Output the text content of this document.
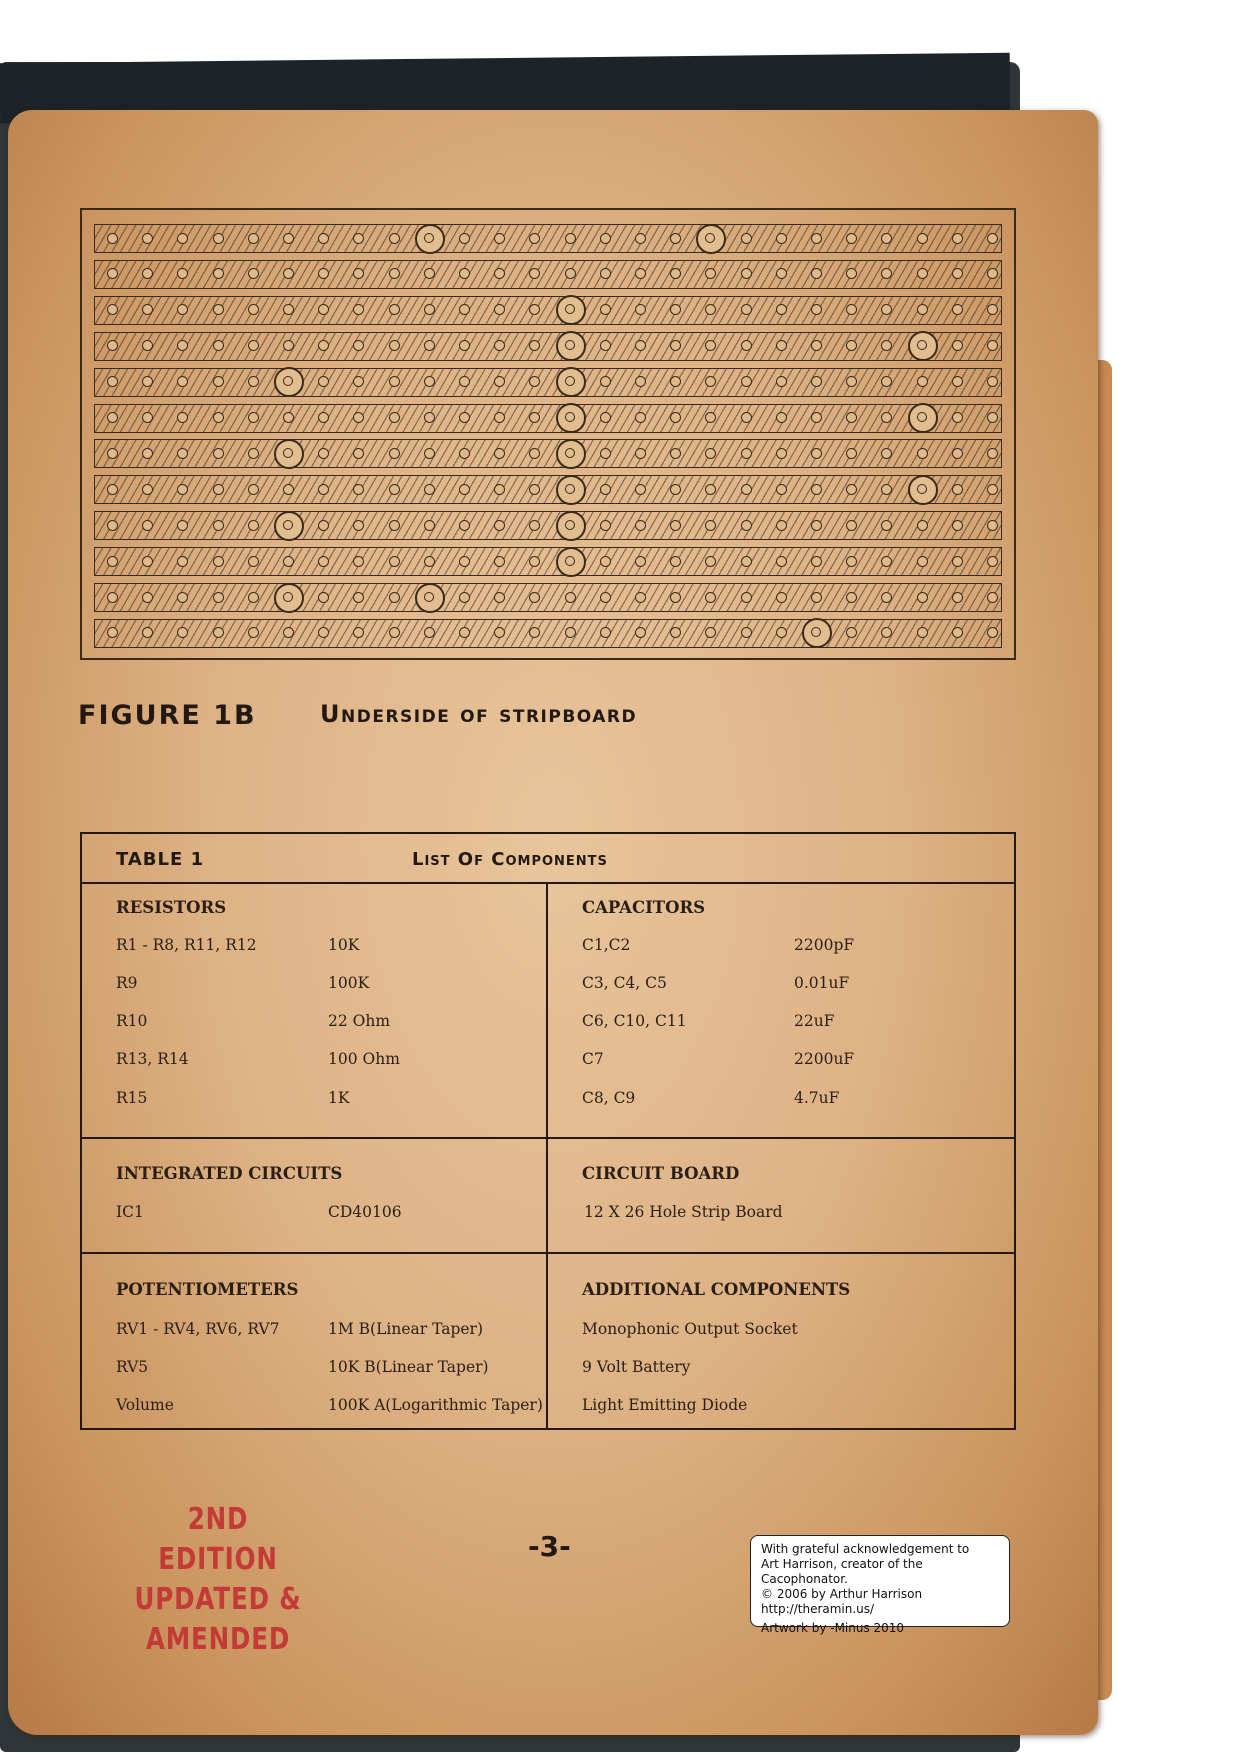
FIGURE 1B	Underside of stripboard
TABLE 1	List Of Components
RESISTORS
R1 - R8, R11, R12	10K
R9	100K
R10	22 Ohm
R13, R14	100 Ohm
R15	1K
CAPACITORS
C1,C2	2200pF
C3, C4, C5	0.01uF
C6, C10, C11	22uF
C7	2200uF
C8, C9	4.7uF
INTEGRATED CIRCUITS
IC1	CD40106
CIRCUIT BOARD
12 X 26 Hole Strip Board
POTENTIOMETERS
RV1 - RV4, RV6, RV7	1M B(Linear Taper)
RV5	10K B(Linear Taper)
Volume	100K A(Logarithmic Taper)
ADDITIONAL COMPONENTS
Monophonic Output Socket
9 Volt Battery
Light Emitting Diode
2ND EDITION
UPDATED &
AMENDED
-3-	With grateful acknowledgement to
Art Harrison, creator of the Cacophonator.
© 2006 by Arthur Harrison
http://theramin.us/
Artwork by -Minus 2010
